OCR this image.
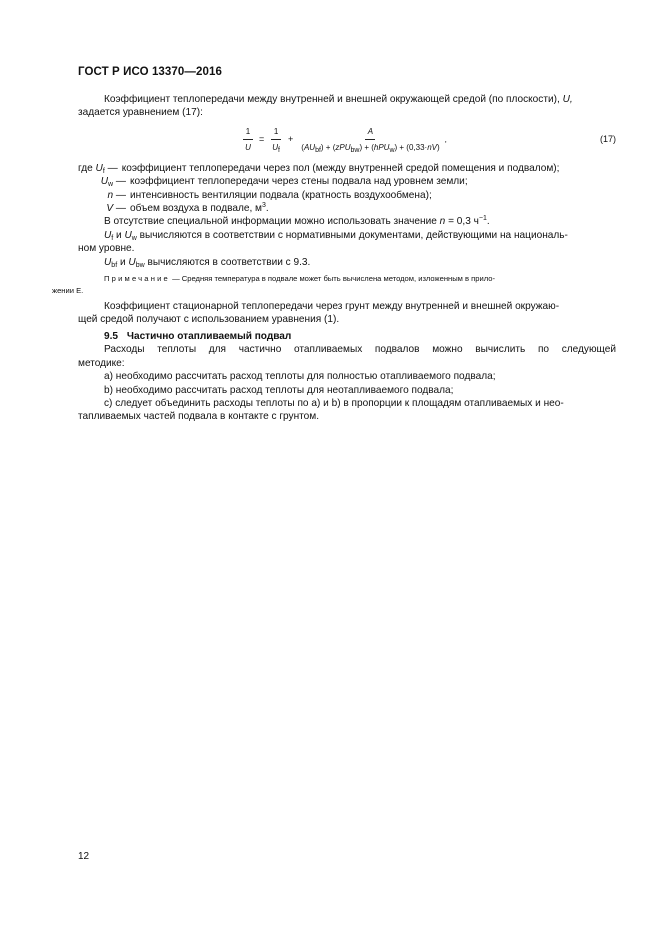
ГОСТ Р ИСО 13370—2016

Коэффициент теплопередачи между внутренней и внешней окружающей средой (по плоскости), U,

задается уравнением (17):

$\frac{1}{U} = \frac{1}{U_f} + \frac{A}{(AU_{bf}) + (zPU_{bw}) + (hPU_w) + (0,33\cdot nV)}$ ,	(17)
где $U_f$ — коэффициент теплопередачи через пол (между внутренней средой помещения и подвалом);
$U_w$ — коэффициент теплопередачи через стены подвала над уровнем земли;
n — интенсивность вентиляции подвала (кратность воздухообмена);
V — объем воздуха в подвале, $м^3$.

В отсутствие специальной информации можно использовать значение n = 0,3 $ч^{-1}$.

$U_f$ и $U_w$ вычисляются в соответствии с нормативными документами, действующими на националь-

ном уровне.

$U_{bf}$ и $U_{bw}$ вычисляются в соответствии с 9.3.

Примечание — Средняя температура в подвале может быть вычислена методом, изложенным в прило-
жении Е.

Коэффициент стационарной теплопередачи через грунт между внутренней и внешней окружаю-

щей средой получают с использованием уравнения (1).

9.5 Частично отапливаемый подвал

Расходы теплоты для частично отапливаемых подвалов можно вычислить по следующей

методике:

а) необходимо рассчитать расход теплоты для полностью отапливаемого подвала;

b) необходимо рассчитать расход теплоты для неотапливаемого подвала;

с) следует объединить расходы теплоты по а) и b) в пропорции к площадям отапливаемых и нео-

тапливаемых частей подвала в контакте с грунтом.

12
